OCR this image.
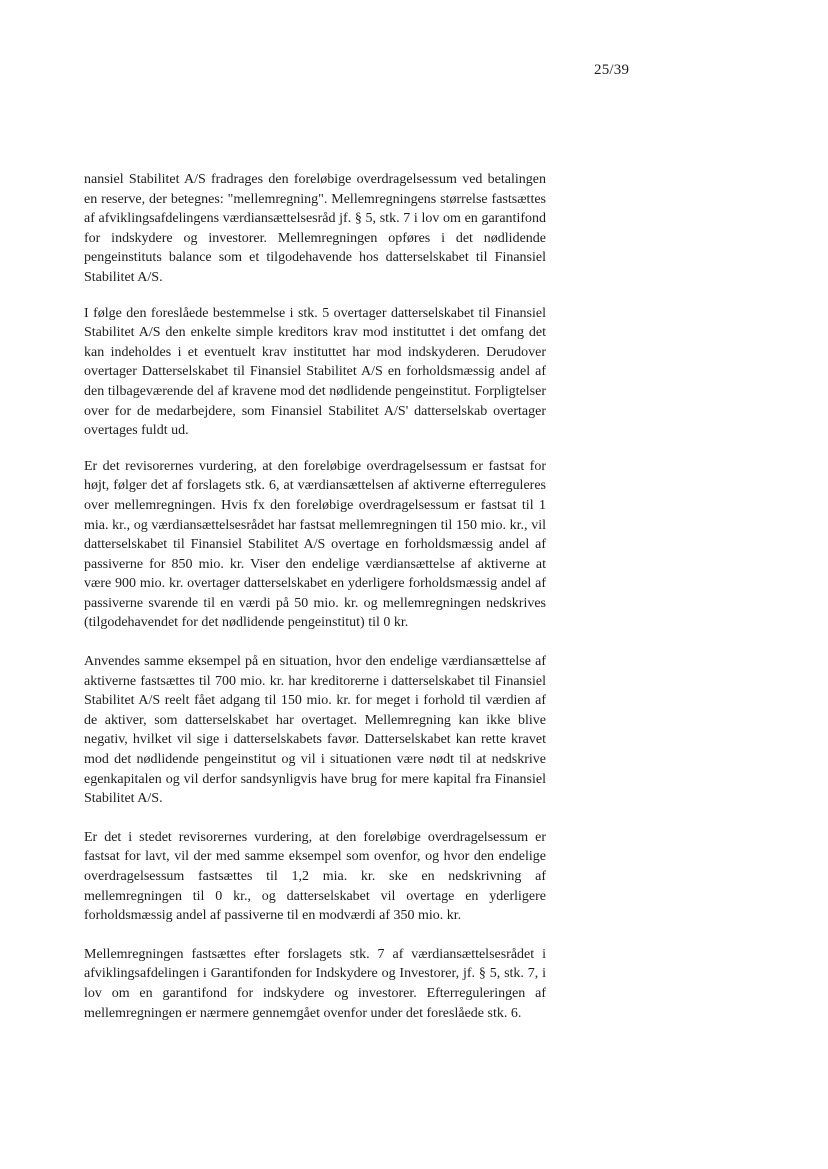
25/39

nansiel Stabilitet A/S fradrages den foreløbige overdragelsessum ved betalingen en reserve, der betegnes: "mellemregning". Mellemregningens størrelse fastsættes af afviklingsafdelingens værdiansættelsesråd jf. § 5, stk. 7 i lov om en garantifond for indskydere og investorer. Mellemregningen opføres i det nødlidende pengeinstituts balance som et tilgodehavende hos datterselskabet til Finansiel Stabilitet A/S.

I følge den foreslåede bestemmelse i stk. 5 overtager datterselskabet til Finansiel Stabilitet A/S den enkelte simple kreditors krav mod instituttet i det omfang det kan indeholdes i et eventuelt krav instituttet har mod indskyderen. Derudover overtager Datterselskabet til Finansiel Stabilitet A/S en forholdsmæssig andel af den tilbageværende del af kravene mod det nødlidende pengeinstitut. Forpligtelser over for de medarbejdere, som Finansiel Stabilitet A/S' datterselskab overtager overtages fuldt ud.

Er det revisorernes vurdering, at den foreløbige overdragelsessum er fastsat for højt, følger det af forslagets stk. 6, at værdiansættelsen af aktiverne efterreguleres over mellemregningen. Hvis fx den foreløbige overdragelsessum er fastsat til 1 mia. kr., og værdiansættelsesrådet har fastsat mellemregningen til 150 mio. kr., vil datterselskabet til Finansiel Stabilitet A/S overtage en forholdsmæssig andel af passiverne for 850 mio. kr. Viser den endelige værdiansættelse af aktiverne at være 900 mio. kr. overtager datterselskabet en yderligere forholdsmæssig andel af passiverne svarende til en værdi på 50 mio. kr. og mellemregningen nedskrives (tilgodehavendet for det nødlidende pengeinstitut) til 0 kr.

Anvendes samme eksempel på en situation, hvor den endelige værdiansættelse af aktiverne fastsættes til 700 mio. kr. har kreditorerne i datterselskabet til Finansiel Stabilitet A/S reelt fået adgang til 150 mio. kr. for meget i forhold til værdien af de aktiver, som datterselskabet har overtaget. Mellemregning kan ikke blive negativ, hvilket vil sige i datterselskabets favør. Datterselskabet kan rette kravet mod det nødlidende pengeinstitut og vil i situationen være nødt til at nedskrive egenkapitalen og vil derfor sandsynligvis have brug for mere kapital fra Finansiel Stabilitet A/S.

Er det i stedet revisorernes vurdering, at den foreløbige overdragelsessum er fastsat for lavt, vil der med samme eksempel som ovenfor, og hvor den endelige overdragelsessum fastsættes til 1,2 mia. kr. ske en nedskrivning af mellemregningen til 0 kr., og datterselskabet vil overtage en yderligere forholdsmæssig andel af passiverne til en modværdi af 350 mio. kr.

Mellemregningen fastsættes efter forslagets stk. 7 af værdiansættelsesrådet i afviklingsafdelingen i Garantifonden for Indskydere og Investorer, jf. § 5, stk. 7, i lov om en garantifond for indskydere og investorer. Efterreguleringen af mellemregningen er nærmere gennemgået ovenfor under det foreslåede stk. 6.
